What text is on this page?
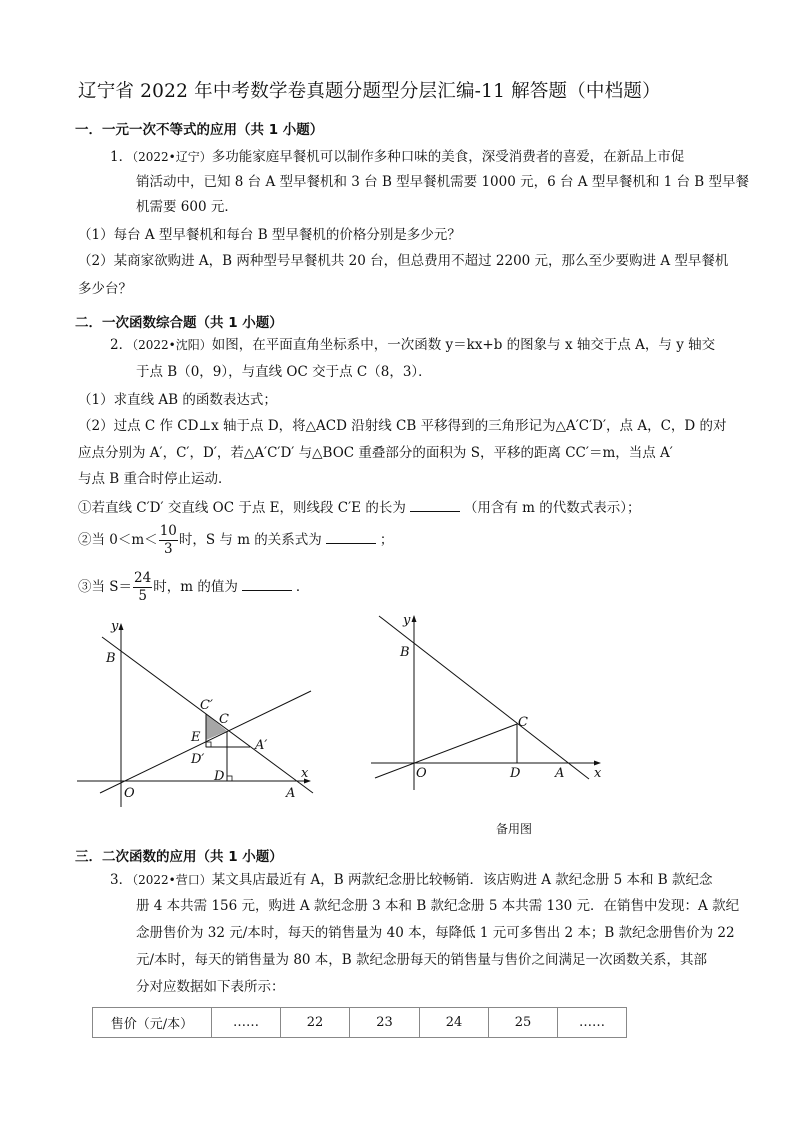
辽宁省 2022 年中考数学卷真题分题型分层汇编-11 解答题（中档题）
一．一元一次不等式的应用（共 1 小题）
1．（2022•辽宁）多功能家庭早餐机可以制作多种口味的美食，深受消费者的喜爱，在新品上市促
销活动中，已知 8 台 A 型早餐机和 3 台 B 型早餐机需要 1000 元，6 台 A 型早餐机和 1 台 B 型早餐
机需要 600 元．
（1）每台 A 型早餐机和每台 B 型早餐机的价格分别是多少元？
（2）某商家欲购进 A，B 两种型号早餐机共 20 台，但总费用不超过 2200 元，那么至少要购进 A 型早餐机
多少台？
二．一次函数综合题（共 1 小题）
2．（2022•沈阳）如图，在平面直角坐标系中，一次函数 y＝kx+b 的图象与 x 轴交于点 A，与 y 轴交
于点 B（0，9），与直线 OC 交于点 C（8，3）．
（1）求直线 AB 的函数表达式；
（2）过点 C 作 CD⊥x 轴于点 D，将△ACD 沿射线 CB 平移得到的三角形记为△A′C′D′，点 A，C，D 的对
应点分别为 A′，C′，D′，若△A′C′D′ 与△BOC 重叠部分的面积为 S，平移的距离 CC′＝m，当点 A′
与点 B 重合时停止运动．
①若直线 C′D′ 交直线 OC 于点 E，则线段 C′E 的长为	（用含有 m 的代数式表示）；
②当 $0<m< \frac{10}{3}$ 时，S 与 m 的关系式为	；
③当 $S= \frac{24}{5}$ 时，m 的值为	．
y
x
B
O	A
C′
C
E
D′
A′
D
y
x
B
O	A
C
D
备用图
三．二次函数的应用（共 1 小题）
3．（2022•营口）某文具店最近有 A，B 两款纪念册比较畅销．该店购进 A 款纪念册 5 本和 B 款纪念
册 4 本共需 156 元，购进 A 款纪念册 3 本和 B 款纪念册 5 本共需 130 元．在销售中发现：A 款纪
念册售价为 32 元/本时，每天的销售量为 40 本，每降低 1 元可多售出 2 本；B 款纪念册售价为 22
元/本时，每天的销售量为 80 本，B 款纪念册每天的销售量与售价之间满足一次函数关系，其部
分对应数据如下表所示：
售价（元/本）	……	22	23	24	25	……
